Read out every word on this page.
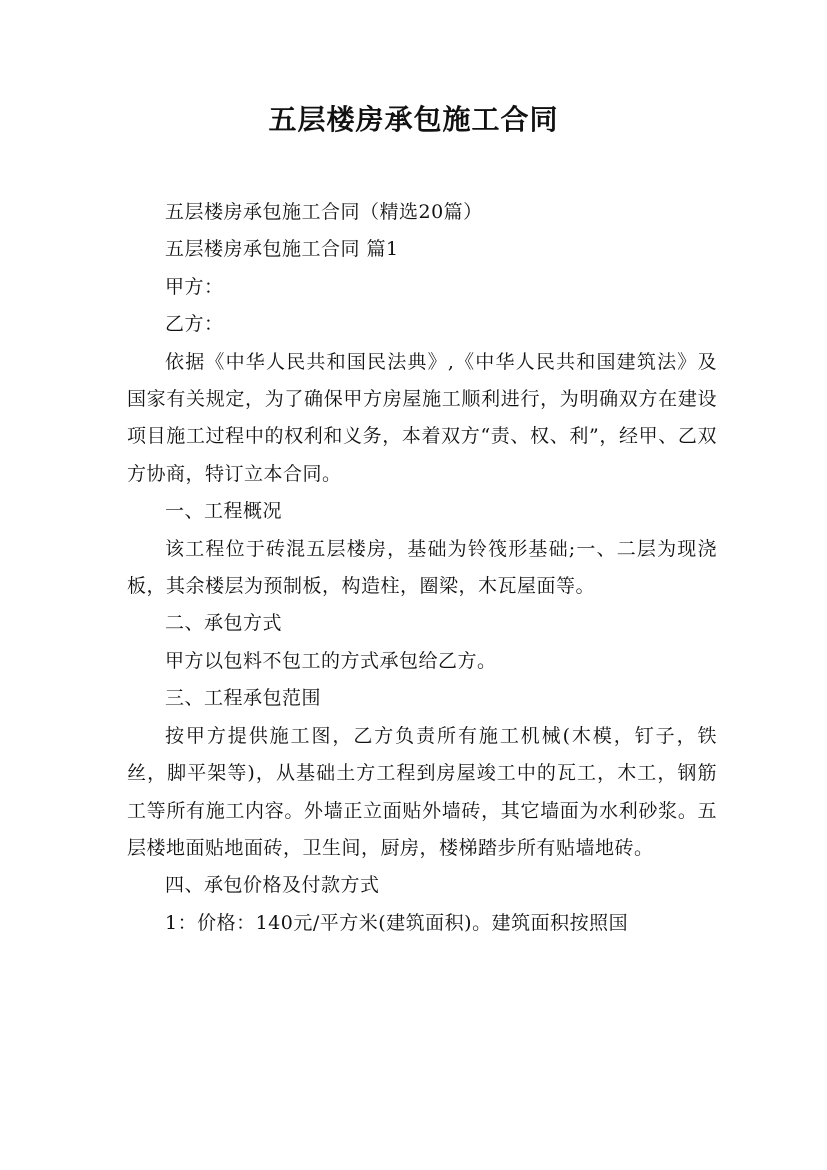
五层楼房承包施工合同

五层楼房承包施工合同（精选20篇）

五层楼房承包施工合同 篇1

甲方：

乙方：

依据《中华人民共和国民法典》,《中华人民共和国建筑法》及国家有关规定，为了确保甲方房屋施工顺利进行，为明确双方在建设项目施工过程中的权利和义务，本着双方“责、权、利”，经甲、乙双方协商，特订立本合同。

一、工程概况

该工程位于砖混五层楼房，基础为铃筏形基础;一、二层为现浇板，其余楼层为预制板，构造柱，圈梁，木瓦屋面等。

二、承包方式

甲方以包料不包工的方式承包给乙方。

三、工程承包范围

按甲方提供施工图，乙方负责所有施工机械(木模，钉子，铁丝，脚平架等)，从基础土方工程到房屋竣工中的瓦工，木工，钢筋工等所有施工内容。外墙正立面贴外墙砖，其它墙面为水利砂浆。五层楼地面贴地面砖，卫生间，厨房，楼梯踏步所有贴墙地砖。

四、承包价格及付款方式

1：价格：140元/平方米(建筑面积)。建筑面积按照国
